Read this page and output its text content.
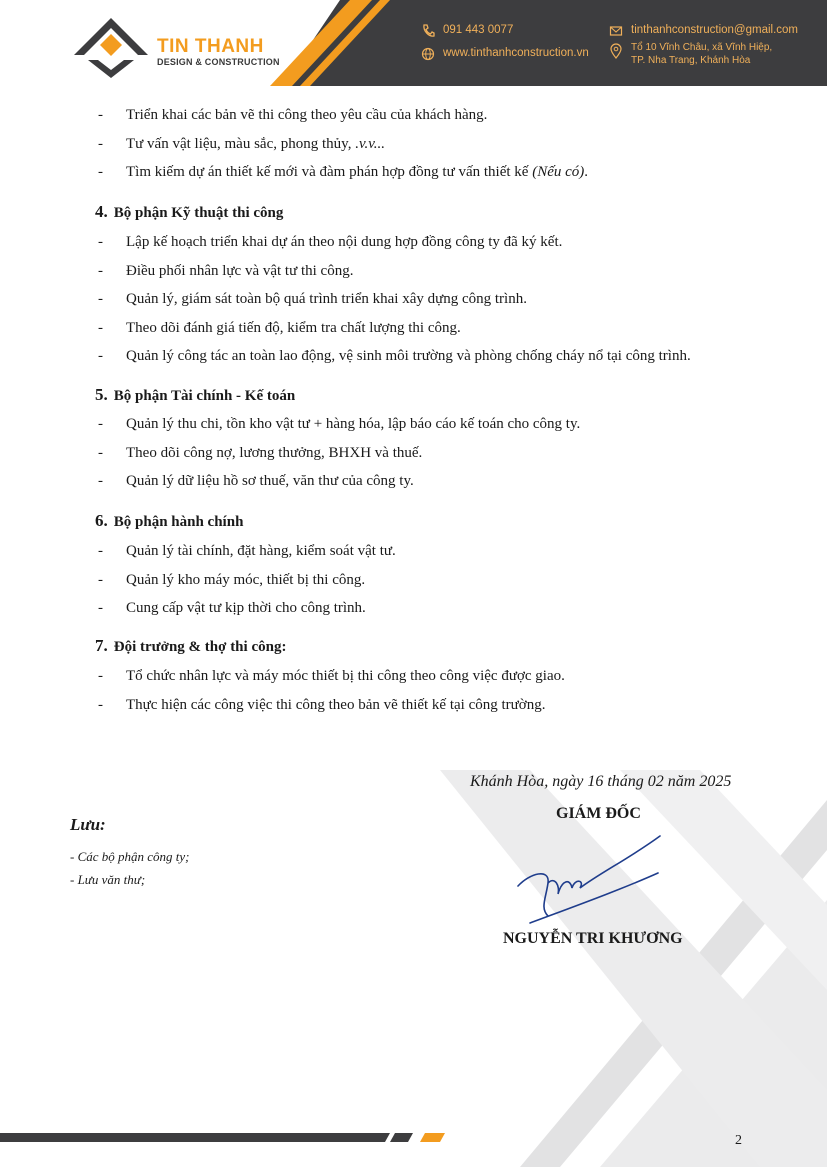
TIN THANH
DESIGN & CONSTRUCTION
091 443 0077
www.tinthanhconstruction.vn
tinthanhconstruction@gmail.com
Tổ 10 Vĩnh Châu, xã Vĩnh Hiệp,
TP. Nha Trang, Khánh Hòa
- Triển khai các bản vẽ thi công theo yêu cầu của khách hàng.
- Tư vấn vật liệu, màu sắc, phong thủy, .v.v...
- Tìm kiếm dự án thiết kế mới và đàm phán hợp đồng tư vấn thiết kế (Nếu có).
4. Bộ phận Kỹ thuật thi công
- Lập kế hoạch triển khai dự án theo nội dung hợp đồng công ty đã ký kết.
- Điều phối nhân lực và vật tư thi công.
- Quản lý, giám sát toàn bộ quá trình triển khai xây dựng công trình.
- Theo dõi đánh giá tiến độ, kiểm tra chất lượng thi công.
- Quản lý công tác an toàn lao động, vệ sinh môi trường và phòng chống cháy nổ tại công trình.
5. Bộ phận Tài chính - Kế toán
- Quản lý thu chi, tồn kho vật tư + hàng hóa, lập báo cáo kế toán cho công ty.
- Theo dõi công nợ, lương thưởng, BHXH và thuế.
- Quản lý dữ liệu hồ sơ thuế, văn thư của công ty.
6. Bộ phận hành chính
- Quản lý tài chính, đặt hàng, kiểm soát vật tư.
- Quản lý kho máy móc, thiết bị thi công.
- Cung cấp vật tư kịp thời cho công trình.
7. Đội trưởng & thợ thi công:
- Tổ chức nhân lực và máy móc thiết bị thi công theo công việc được giao.
- Thực hiện các công việc thi công theo bản vẽ thiết kế tại công trường.
Khánh Hòa, ngày 16 tháng 02 năm 2025
GIÁM ĐỐC
NGUYỄN TRI KHƯƠNG
Lưu:
- Các bộ phận công ty;
- Lưu văn thư;
2
